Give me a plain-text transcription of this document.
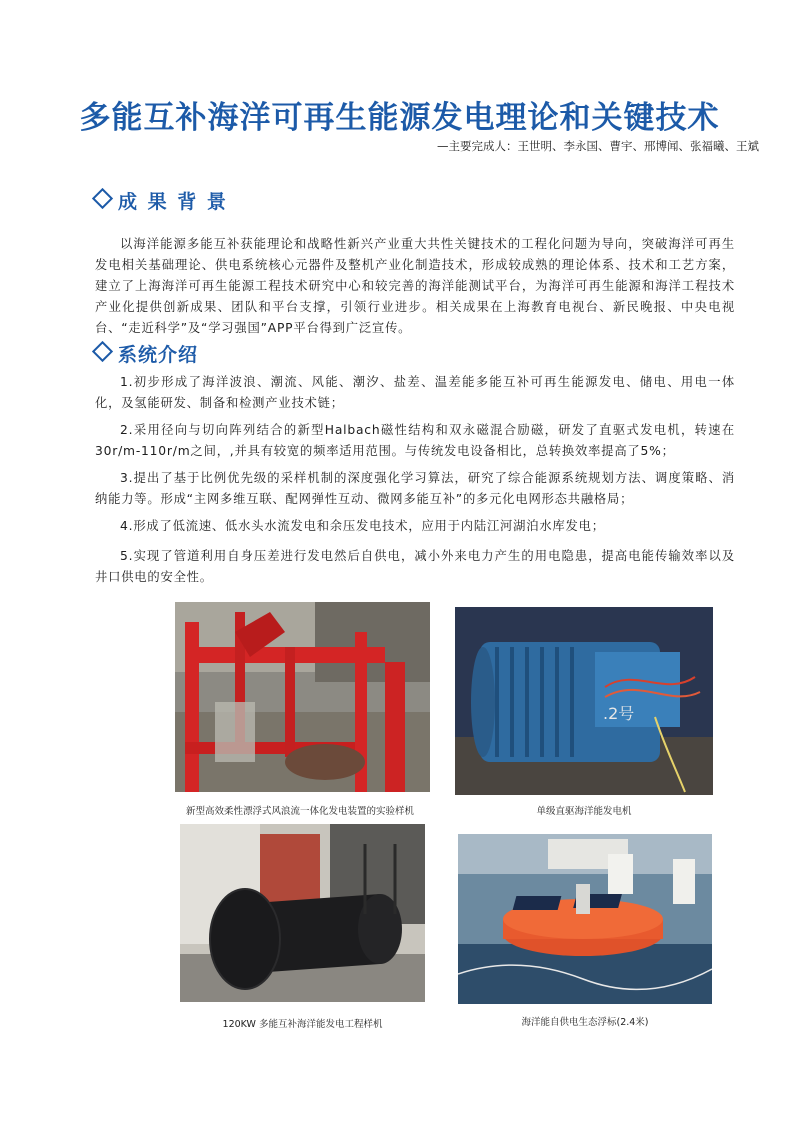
多能互补海洋可再生能源发电理论和关键技术
—主要完成人：王世明、李永国、曹宇、邢博闻、张福曦、王斌
成 果 背 景
以海洋能源多能互补获能理论和战略性新兴产业重大共性关键技术的工程化问题为导向，突破海洋可再生发电相关基础理论、供电系统核心元器件及整机产业化制造技术，形成较成熟的理论体系、技术和工艺方案，建立了上海海洋可再生能源工程技术研究中心和较完善的海洋能测试平台，为海洋可再生能源和海洋工程技术产业化提供创新成果、团队和平台支撑，引领行业进步。相关成果在上海教育电视台、新民晚报、中央电视台、“走近科学”及“学习强国”APP平台得到广泛宣传。
系统介绍
1.初步形成了海洋波浪、潮流、风能、潮汐、盐差、温差能多能互补可再生能源发电、储电、用电一体化，及氢能研发、制备和检测产业技术链；
2.采用径向与切向阵列结合的新型Halbach磁性结构和双永磁混合励磁，研发了直驱式发电机，转速在30r/m-110r/m之间，,并具有较宽的频率适用范围。与传统发电设备相比，总转换效率提高了5%；
3.提出了基于比例优先级的采样机制的深度强化学习算法，研究了综合能源系统规划方法、调度策略、消纳能力等。形成“主网多维互联、配网弹性互动、微网多能互补”的多元化电网形态共融格局；
4.形成了低流速、低水头水流发电和余压发电技术，应用于内陆江河湖泊水库发电；
5.实现了管道利用自身压差进行发电然后自供电，减小外来电力产生的用电隐患，提高电能传输效率以及井口供电的安全性。
新型高效柔性漂浮式风浪流一体化发电装置的实验样机
.2号
单级直驱海洋能发电机
120KW 多能互补海洋能发电工程样机	海洋能自供电生态浮标(2.4米)
